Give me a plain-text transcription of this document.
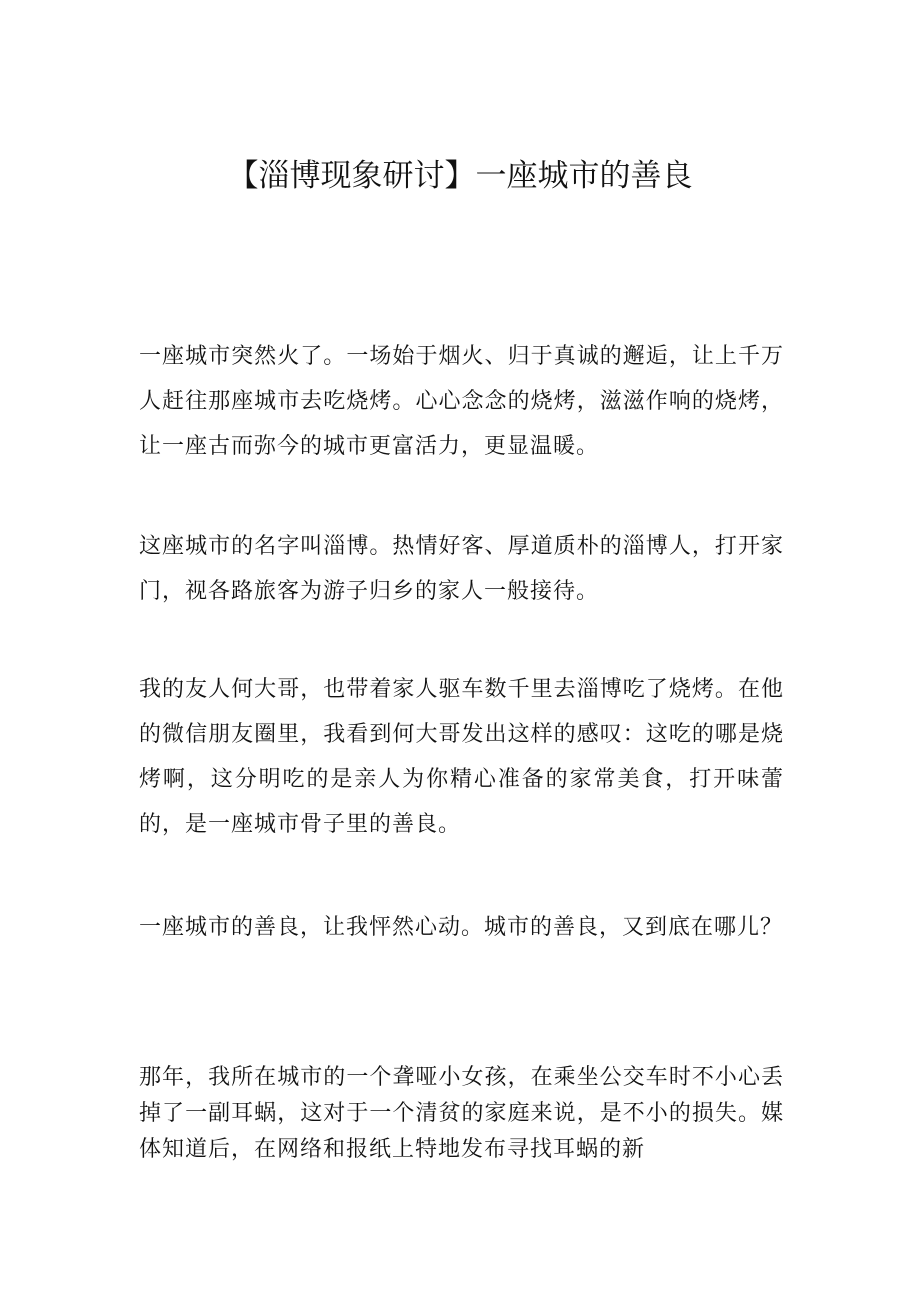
【淄博现象研讨】一座城市的善良

一座城市突然火了。一场始于烟火、归于真诚的邂逅，让上千万人赶往那座城市去吃烧烤。心心念念的烧烤，滋滋作响的烧烤，让一座古而弥今的城市更富活力，更显温暖。

这座城市的名字叫淄博。热情好客、厚道质朴的淄博人，打开家门，视各路旅客为游子归乡的家人一般接待。

我的友人何大哥，也带着家人驱车数千里去淄博吃了烧烤。在他的微信朋友圈里，我看到何大哥发出这样的感叹：这吃的哪是烧烤啊，这分明吃的是亲人为你精心准备的家常美食，打开味蕾的，是一座城市骨子里的善良。

一座城市的善良，让我怦然心动。城市的善良，又到底在哪儿？

那年，我所在城市的一个聋哑小女孩，在乘坐公交车时不小心丢掉了一副耳蜗，这对于一个清贫的家庭来说，是不小的损失。媒体知道后，在网络和报纸上特地发布寻找耳蜗的新
